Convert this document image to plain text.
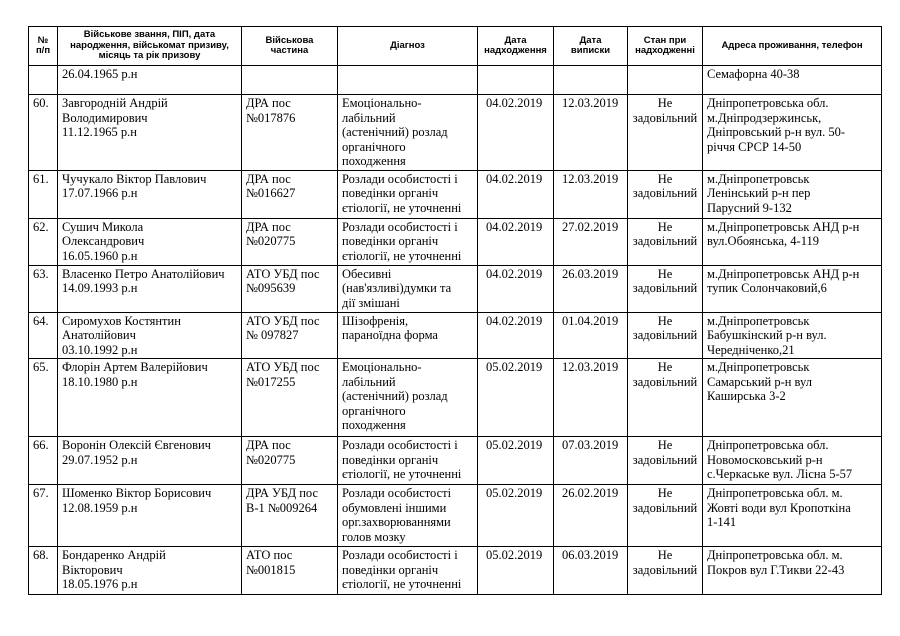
№
п/п	Військове звання, ПІП, дата
народження, військомат призиву,
місяць та рік призову	Військова
частина	Діагноз	Дата
надходження	Дата
виписки	Стан при
надходженні	Адреса проживання, телефон

	26.04.1965 р.н						Семафорна 40-38

60.	Завгородній Андрій
Володимирович
11.12.1965 р.н	ДРА пос
№017876	Емоціонально-
лабільний
(астенічний) розлад
органічного
походження	04.02.2019	12.03.2019	Не
задовільний	Дніпропетровська обл.
м.Дніпродзержинськ,
Дніпровський р-н вул. 50-
річчя СРСР 14-50

61.	Чучукало Віктор Павлович
17.07.1966 р.н	ДРА пос
№016627	Розлади особистості і
поведінки органіч
єтіології, не уточненні	04.02.2019	12.03.2019	Не
задовільний	м.Дніпропетровськ
Ленінський р-н пер
Парусний 9-132

62.	Сушич Микола
Олександрович
16.05.1960 р.н	ДРА пос
№020775	Розлади особистості і
поведінки органіч
єтіології, не уточненні	04.02.2019	27.02.2019	Не
задовільний	м.Дніпропетровськ АНД р-н
вул.Обоянська, 4-119

63.	Власенко Петро Анатолійович
14.09.1993 р.н	АТО УБД пос
№095639	Обесивні
(нав'язливі)думки та
дії змішані	04.02.2019	26.03.2019	Не
задовільний	м.Дніпропетровськ АНД р-н
тупик Солончаковий,6

64.	Сиромухов Костянтин
Анатолійович
03.10.1992 р.н	АТО УБД пос
№ 097827	Шізофренія,
параноїдна форма	04.02.2019	01.04.2019	Не
задовільний	м.Дніпропетровськ
Бабушкінский р-н вул.
Чередніченко,21

65.	Флорін Артем Валерійович
18.10.1980 р.н	АТО УБД пос
№017255	Емоціонально-
лабільний
(астенічний) розлад
органічного
походження	05.02.2019	12.03.2019	Не
задовільний	м.Дніпропетровськ
Самарський р-н вул
Каширська 3-2

66.	Воронін Олексій Євгенович
29.07.1952 р.н	ДРА пос
№020775	Розлади особистості і
поведінки органіч
єтіології, не уточненні	05.02.2019	07.03.2019	Не
задовільний	Дніпропетровська обл.
Новомосковський р-н
с.Черкаське вул. Лісна 5-57

67.	Шоменко Віктор Борисович
12.08.1959 р.н	ДРА УБД пос
В-1 №009264	Розлади особистості
обумовлені іншими
орг.захворюваннями
голов мозку	05.02.2019	26.02.2019	Не
задовільний	Дніпропетровська обл. м.
Жовті води вул Кропоткіна
1-141

68.	Бондаренко Андрій
Вікторович
18.05.1976 р.н	АТО пос
№001815	Розлади особистості і
поведінки органіч
єтіології, не уточненні	05.02.2019	06.03.2019	Не
задовільний	Дніпропетровська обл. м.
Покров вул Г.Тикви 22-43
